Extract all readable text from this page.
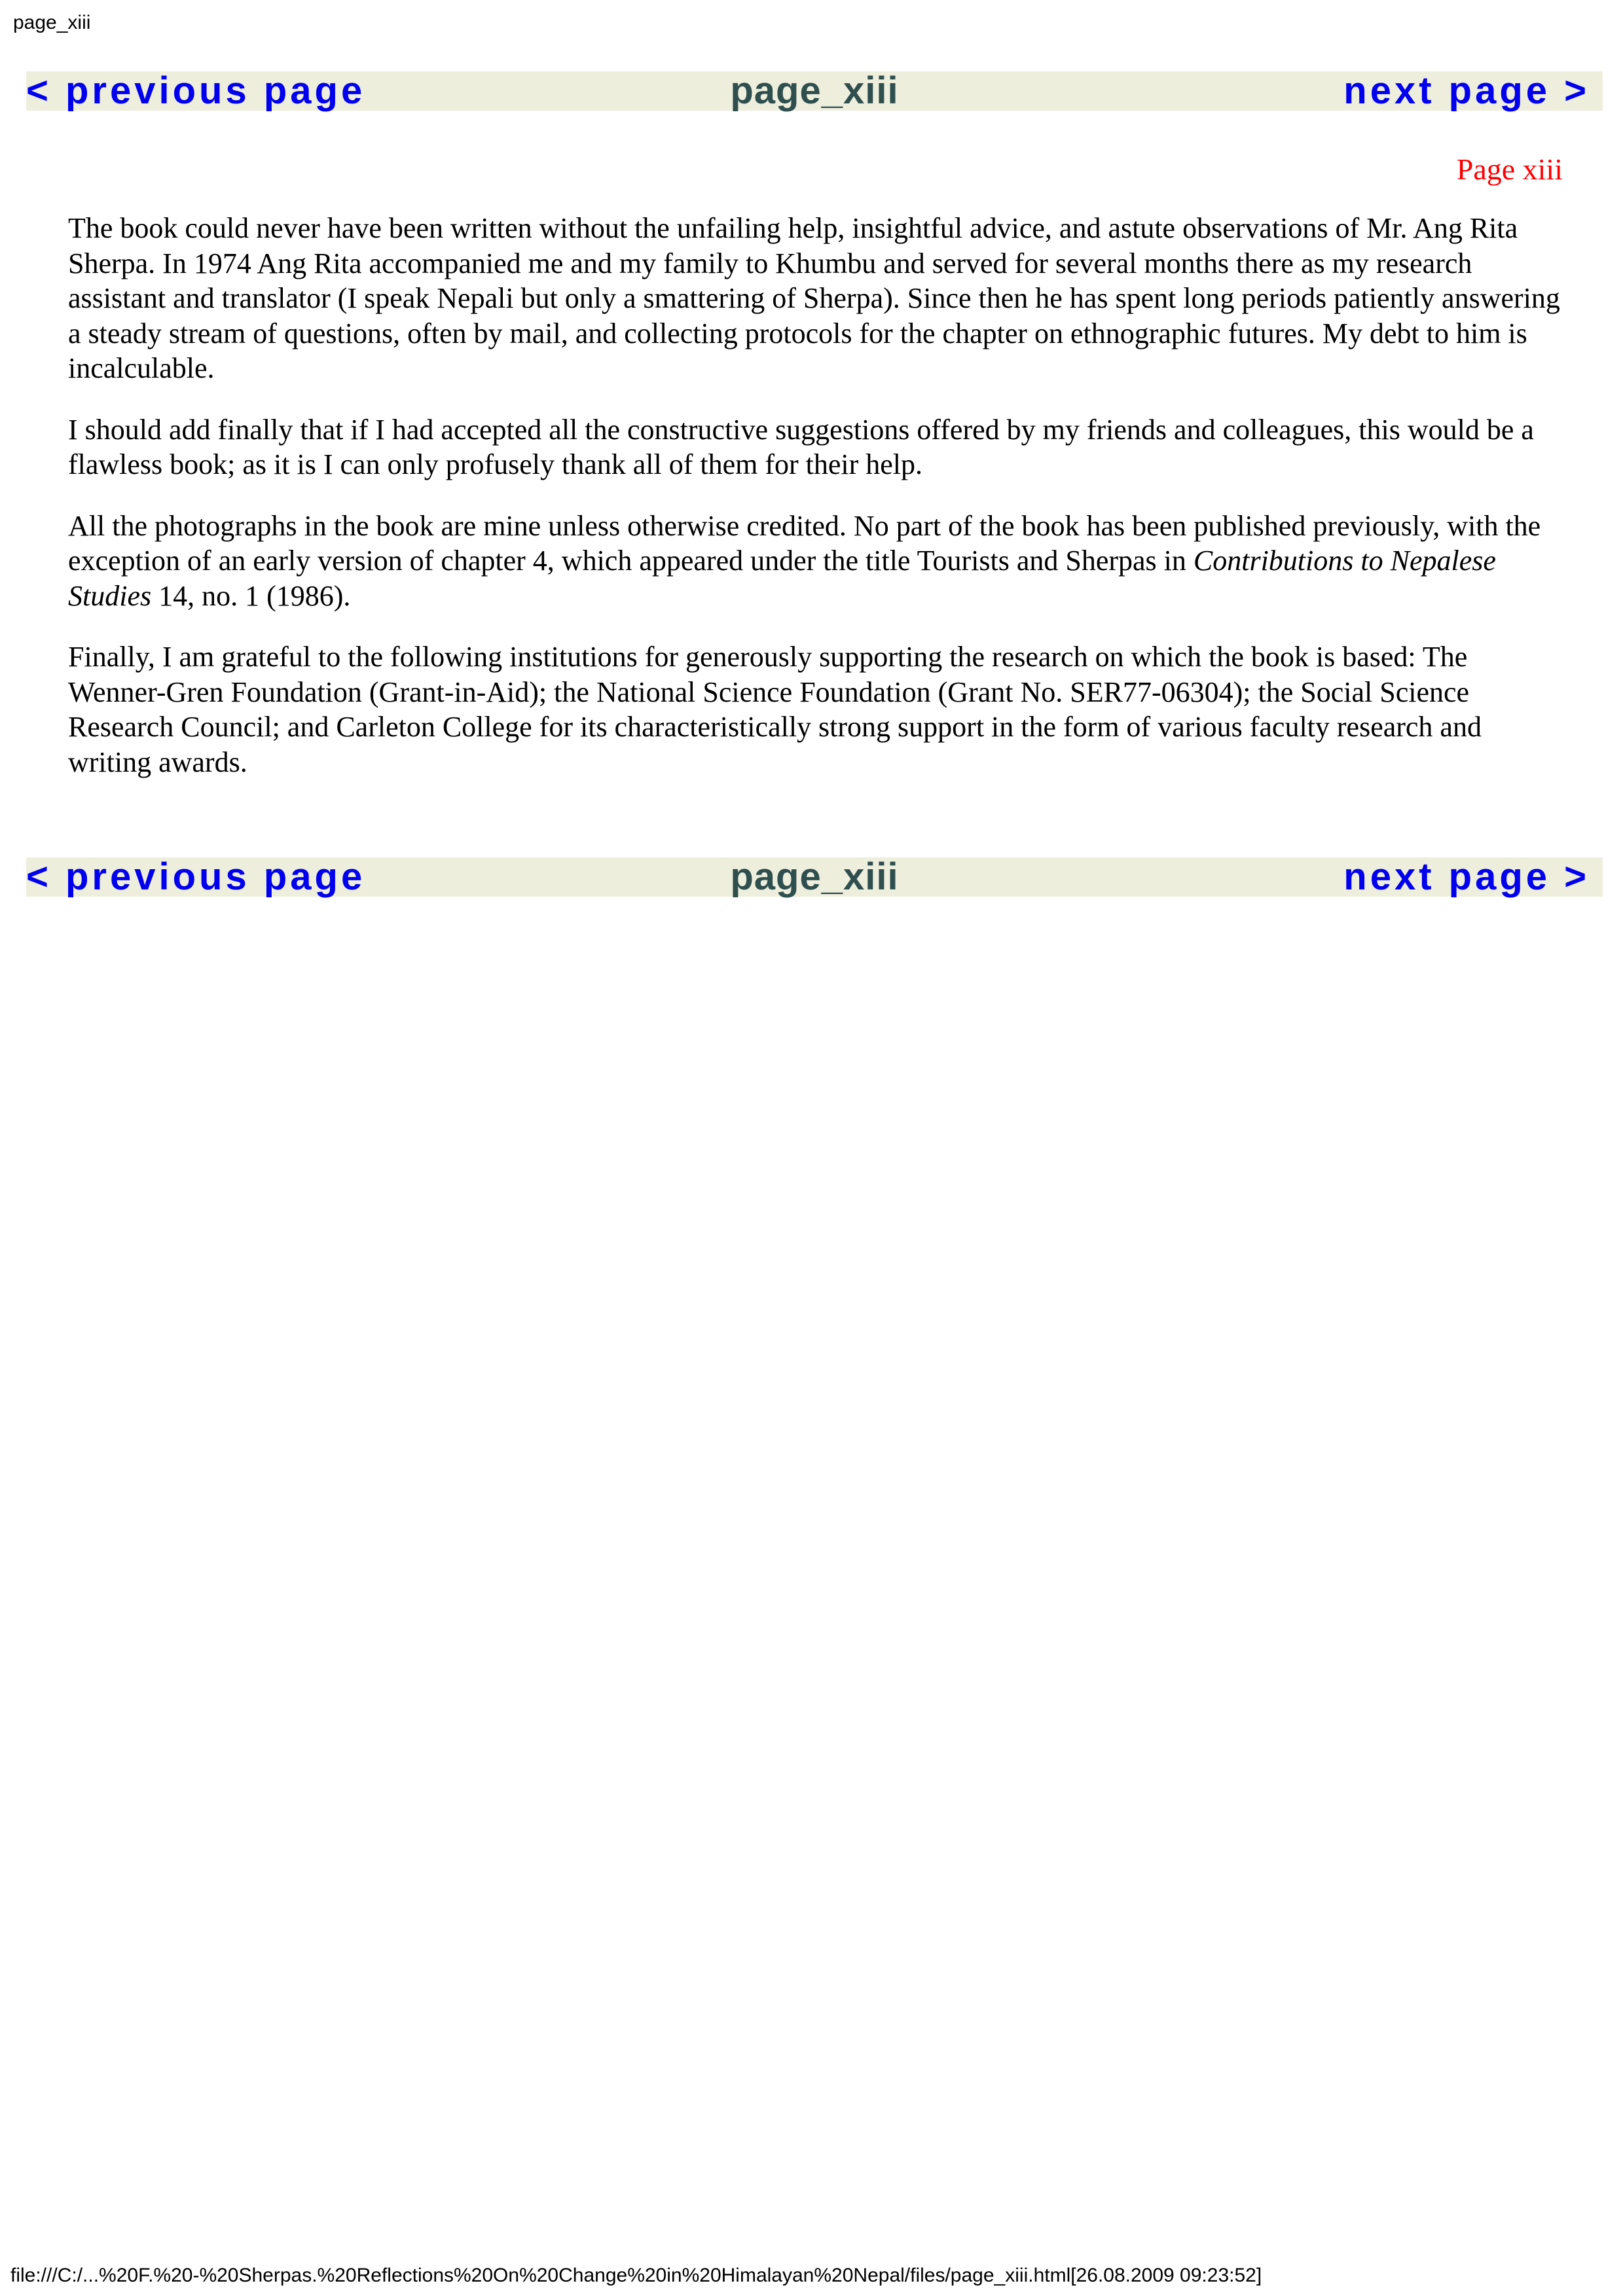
page_xiii
< previous page	page_xiii	next page >
Page xiii

The book could never have been written without the unfailing help, insightful advice, and astute observations of Mr. Ang Rita Sherpa. In 1974 Ang Rita accompanied me and my family to Khumbu and served for several months there as my research assistant and translator (I speak Nepali but only a smattering of Sherpa). Since then he has spent long periods patiently answering a steady stream of questions, often by mail, and collecting protocols for the chapter on ethnographic futures. My debt to him is incalculable.

I should add finally that if I had accepted all the constructive suggestions offered by my friends and colleagues, this would be a flawless book; as it is I can only profusely thank all of them for their help.

All the photographs in the book are mine unless otherwise credited. No part of the book has been published previously, with the exception of an early version of chapter 4, which appeared under the title Tourists and Sherpas in Contributions to Nepalese Studies 14, no. 1 (1986).

Finally, I am grateful to the following institutions for generously supporting the research on which the book is based: The Wenner-Gren Foundation (Grant-in-Aid); the National Science Foundation (Grant No. SER77-06304); the Social Science Research Council; and Carleton College for its characteristically strong support in the form of various faculty research and writing awards.

< previous page	page_xiii	next page >
file:///C:/...%20F.%20-%20Sherpas.%20Reflections%20On%20Change%20in%20Himalayan%20Nepal/files/page_xiii.html[26.08.2009 09:23:52]
